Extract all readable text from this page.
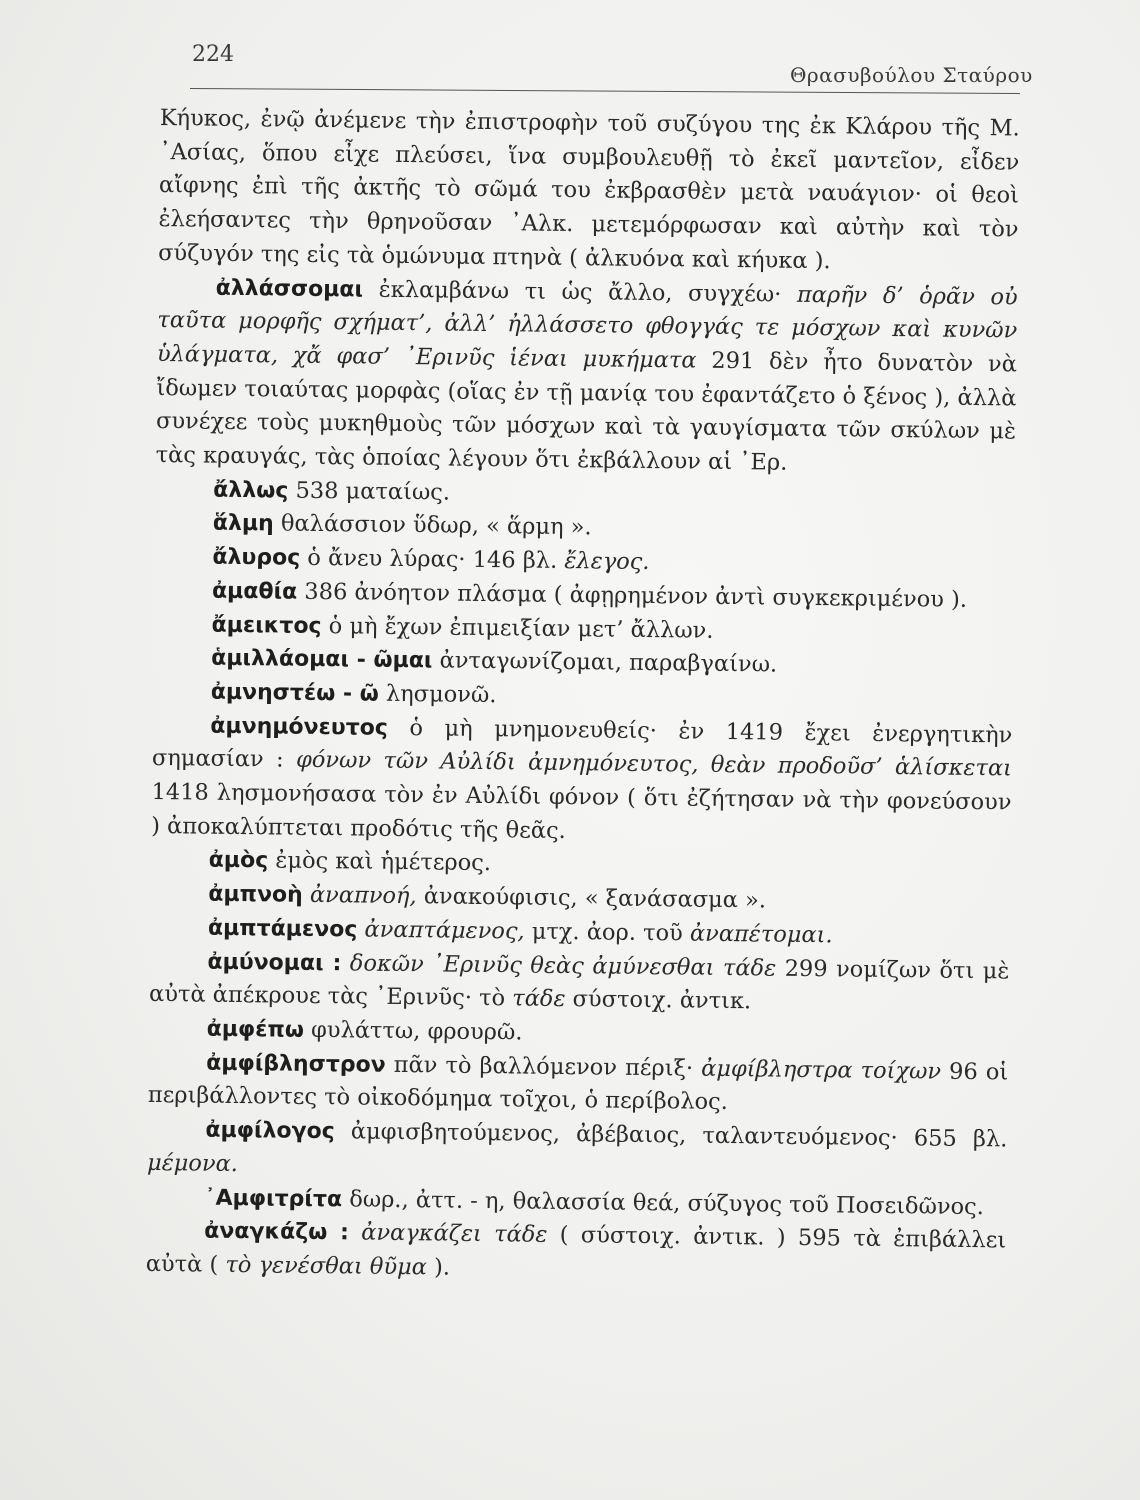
224
Θρασυβούλου Σταύρου

Κήυκος, ἐνῷ ἀνέμενε τὴν ἐπιστροφὴν τοῦ συζύγου της ἐκ Κλάρου τῆς Μ. ᾿Ασίας, ὅπου εἶχε πλεύσει, ἵνα συμβουλευθῇ τὸ ἐκεῖ μαντεῖον, εἶδεν αἴφνης ἐπὶ τῆς ἀκτῆς τὸ σῶμά του ἐκβρασθὲν μετὰ ναυάγιον· οἱ θεοὶ ἐλεήσαντες τὴν θρηνοῦσαν ᾿Αλκ. μετεμόρφωσαν καὶ αὐτὴν καὶ τὸν σύζυγόν της εἰς τὰ ὁμώνυμα πτηνὰ ( ἀλκυόνα καὶ κήυκα ).

ἀλλάσσομαι ἐκλαμβάνω τι ὡς ἄλλο, συγχέω· παρῆν δ’ ὁρᾶν οὐ ταῦτα μορφῆς σχήματ’, ἀλλ’ ἠλλάσσετο φθογγάς τε μόσχων καὶ κυνῶν ὑλάγματα, χἄ φασ’ ᾿Ερινῦς ἱέναι μυκήματα 291 δὲν ἦτο δυνατὸν νὰ ἴδωμεν τοιαύτας μορφὰς (οἵας ἐν τῇ μανίᾳ του ἐφαντάζετο ὁ ξένος ), ἀλλὰ συνέχεε τοὺς μυκηθμοὺς τῶν μόσχων καὶ τὰ γαυγίσματα τῶν σκύλων μὲ τὰς κραυγάς, τὰς ὁποίας λέγουν ὅτι ἐκβάλλουν αἱ ᾿Ερ.

ἄλλως 538 ματαίως.

ἅλμη θαλάσσιον ὕδωρ, « ἅρμη ».

ἄλυρος ὁ ἄνευ λύρας· 146 βλ. ἔλεγος.

ἀμαθία 386 ἀνόητον πλάσμα ( ἀφῃρημένον ἀντὶ συγκεκριμένου ).

ἄμεικτος ὁ μὴ ἔχων ἐπιμειξίαν μετ’ ἄλλων.

ἁμιλλάομαι - ῶμαι ἀνταγωνίζομαι, παραβγαίνω.

ἀμνηστέω - ῶ λησμονῶ.

ἀμνημόνευτος ὁ μὴ μνημονευθείς· ἐν 1419 ἔχει ἐνεργητικὴν σημασίαν : φόνων τῶν Αὐλίδι ἀμνημόνευτος, θεὰν προδοῦσ’ ἁλίσκεται 1418 λησμονήσασα τὸν ἐν Αὐλίδι φόνον ( ὅτι ἐζήτησαν νὰ τὴν φονεύσουν ) ἀποκαλύπτεται προδότις τῆς θεᾶς.

ἀμὸς ἐμὸς καὶ ἡμέτερος.

ἀμπνοὴ ἀναπνοή, ἀνακούφισις, « ξανάσασμα ».

ἀμπτάμενος ἀναπτάμενος, μτχ. ἀορ. τοῦ ἀναπέτομαι.

ἀμύνομαι : δοκῶν ᾿Ερινῦς θεὰς ἀμύνεσθαι τάδε 299 νομίζων ὅτι μὲ αὐτὰ ἀπέκρουε τὰς ᾿Ερινῦς· τὸ τάδε σύστοιχ. ἀντικ.

ἀμφέπω φυλάττω, φρουρῶ.

ἀμφίβληστρον πᾶν τὸ βαλλόμενον πέριξ· ἀμφίβληστρα τοίχων 96 οἱ περιβάλλοντες τὸ οἰκοδόμημα τοῖχοι, ὁ περίβολος.

ἀμφίλογος ἀμφισβητούμενος, ἀβέβαιος, ταλαντευόμενος· 655 βλ. μέμονα.

᾿Αμφιτρίτα δωρ., ἀττ. - η, θαλασσία θεά, σύζυγος τοῦ Ποσειδῶνος.

ἀναγκάζω : ἀναγκάζει τάδε ( σύστοιχ. ἀντικ. ) 595 τὰ ἐπιβάλλει αὐτὰ ( τὸ γενέσθαι θῦμα ).
